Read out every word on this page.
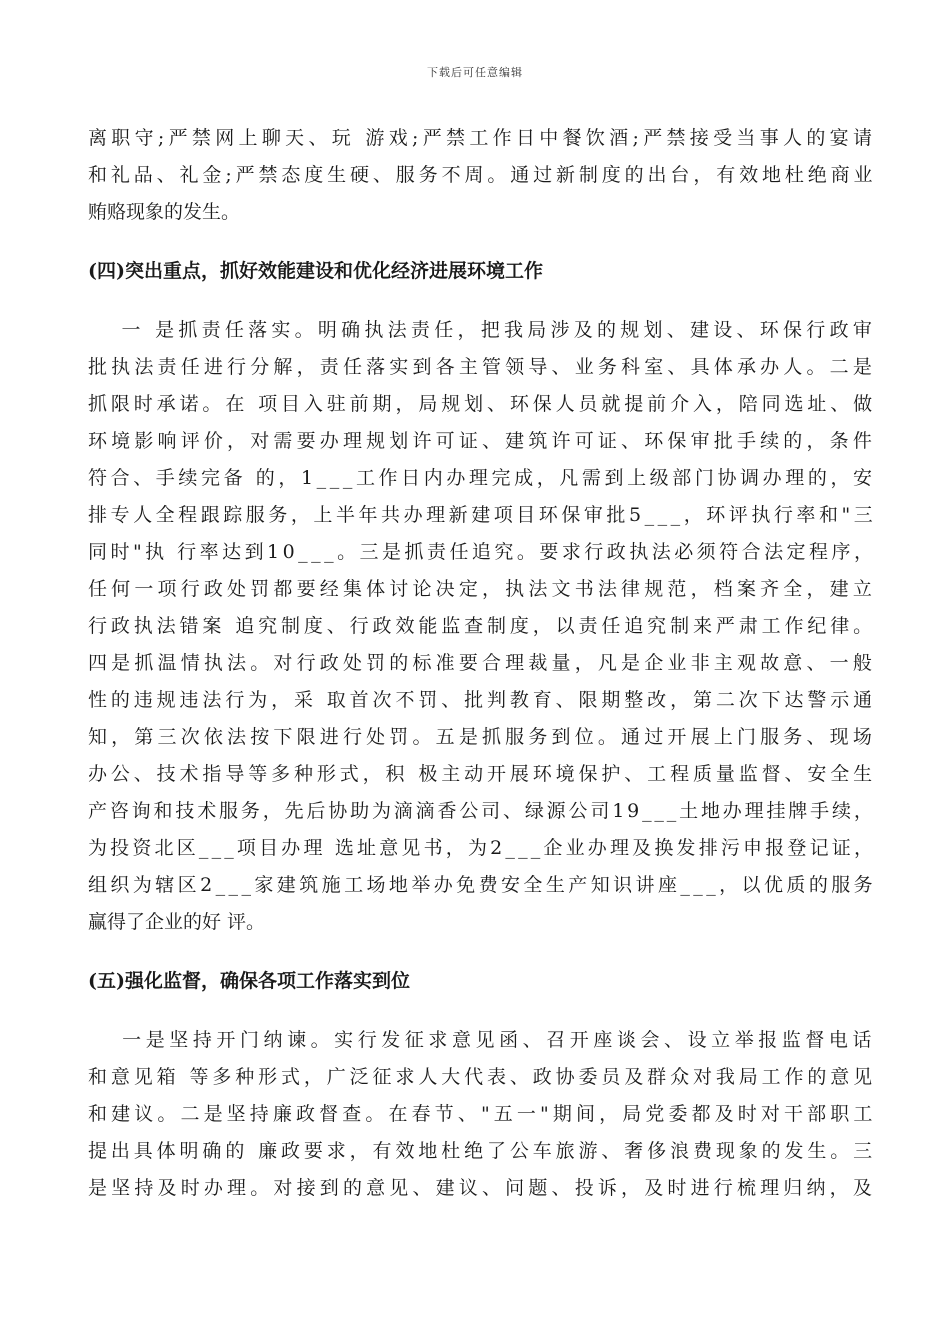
下载后可任意编辑
离职守;严禁网上聊天、玩 游戏;严禁工作日中餐饮酒;严禁接受当事人的宴请
和礼品、礼金;严禁态度生硬、服务不周。通过新制度的出台，有效地杜绝商业
贿赂现象的发生。
(四)突出重点，抓好效能建设和优化经济进展环境工作
　 一 是抓责任落实。明确执法责任，把我局涉及的规划、建设、环保行政审
批执法责任进行分解，责任落实到各主管领导、业务科室、具体承办人。二是
抓限时承诺。在 项目入驻前期，局规划、环保人员就提前介入，陪同选址、做
环境影响评价，对需要办理规划许可证、建筑许可证、环保审批手续的，条件
符合、手续完备 的，1___工作日内办理完成，凡需到上级部门协调办理的，安
排专人全程跟踪服务，上半年共办理新建项目环保审批5___，环评执行率和"三
同时"执 行率达到10___。三是抓责任追究。要求行政执法必须符合法定程序，
任何一项行政处罚都要经集体讨论决定，执法文书法律规范，档案齐全，建立
行政执法错案 追究制度、行政效能监查制度，以责任追究制来严肃工作纪律。
四是抓温情执法。对行政处罚的标准要合理裁量，凡是企业非主观故意、一般
性的违规违法行为，采 取首次不罚、批判教育、限期整改，第二次下达警示通
知，第三次依法按下限进行处罚。五是抓服务到位。通过开展上门服务、现场
办公、技术指导等多种形式，积 极主动开展环境保护、工程质量监督、安全生
产咨询和技术服务，先后协助为滴滴香公司、绿源公司19___土地办理挂牌手续，
为投资北区___项目办理 选址意见书，为2___企业办理及换发排污申报登记证，
组织为辖区2___家建筑施工场地举办免费安全生产知识讲座___，以优质的服务
赢得了企业的好 评。
(五)强化监督，确保各项工作落实到位
　 一是坚持开门纳谏。实行发征求意见函、召开座谈会、设立举报监督电话
和意见箱 等多种形式，广泛征求人大代表、政协委员及群众对我局工作的意见
和建议。二是坚持廉政督查。在春节、"五一"期间，局党委都及时对干部职工
提出具体明确的 廉政要求，有效地杜绝了公车旅游、奢侈浪费现象的发生。三
是坚持及时办理。对接到的意见、建议、问题、投诉，及时进行梳理归纳，及
